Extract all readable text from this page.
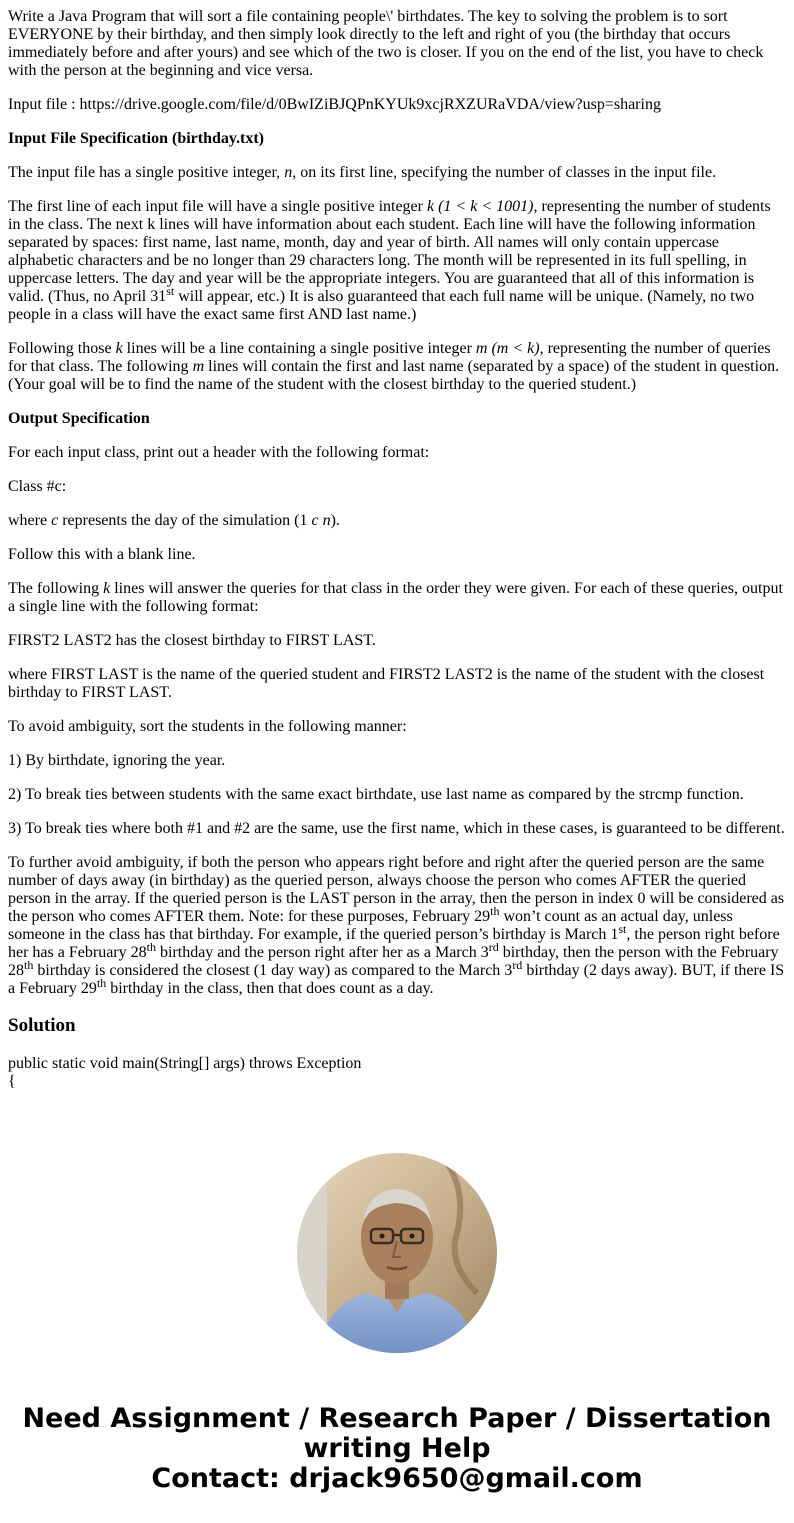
Write a Java Program that will sort a file containing people\' birthdates. The key to solving the problem is to sort EVERYONE by their birthday, and then simply look directly to the left and right of you (the birthday that occurs immediately before and after yours) and see which of the two is closer. If you on the end of the list, you have to check with the person at the beginning and vice versa.

Input file : https://drive.google.com/file/d/0BwIZiBJQPnKYUk9xcjRXZURaVDA/view?usp=sharing

Input File Specification (birthday.txt)

The input file has a single positive integer, n, on its first line, specifying the number of classes in the input file.

The first line of each input file will have a single positive integer k (1 < k < 1001), representing the number of students in the class. The next k lines will have information about each student. Each line will have the following information separated by spaces: first name, last name, month, day and year of birth. All names will only contain uppercase alphabetic characters and be no longer than 29 characters long. The month will be represented in its full spelling, in uppercase letters. The day and year will be the appropriate integers. You are guaranteed that all of this information is valid. (Thus, no April 31st will appear, etc.) It is also guaranteed that each full name will be unique. (Namely, no two people in a class will have the exact same first AND last name.)

Following those k lines will be a line containing a single positive integer m (m < k), representing the number of queries for that class. The following m lines will contain the first and last name (separated by a space) of the student in question. (Your goal will be to find the name of the student with the closest birthday to the queried student.)

Output Specification

For each input class, print out a header with the following format:

Class #c:

where c represents the day of the simulation (1 c n).

Follow this with a blank line.

The following k lines will answer the queries for that class in the order they were given. For each of these queries, output a single line with the following format:

FIRST2 LAST2 has the closest birthday to FIRST LAST.

where FIRST LAST is the name of the queried student and FIRST2 LAST2 is the name of the student with the closest birthday to FIRST LAST.

To avoid ambiguity, sort the students in the following manner:

1) By birthdate, ignoring the year.

2) To break ties between students with the same exact birthdate, use last name as compared by the strcmp function.

3) To break ties where both #1 and #2 are the same, use the first name, which in these cases, is guaranteed to be different.

To further avoid ambiguity, if both the person who appears right before and right after the queried person are the same number of days away (in birthday) as the queried person, always choose the person who comes AFTER the queried person in the array. If the queried person is the LAST person in the array, then the person in index 0 will be considered as the person who comes AFTER them. Note: for these purposes, February 29th won’t count as an actual day, unless someone in the class has that birthday. For example, if the queried person’s birthday is March 1st, the person right before her has a February 28th birthday and the person right after her as a March 3rd birthday, then the person with the February 28th birthday is considered the closest (1 day way) as compared to the March 3rd birthday (2 days away). BUT, if there IS a February 29th birthday in the class, then that does count as a day.

Solution
public static void main(String[] args) throws Exception
{
Need Assignment / Research Paper / Dissertation
writing Help
Contact: drjack9650@gmail.com
